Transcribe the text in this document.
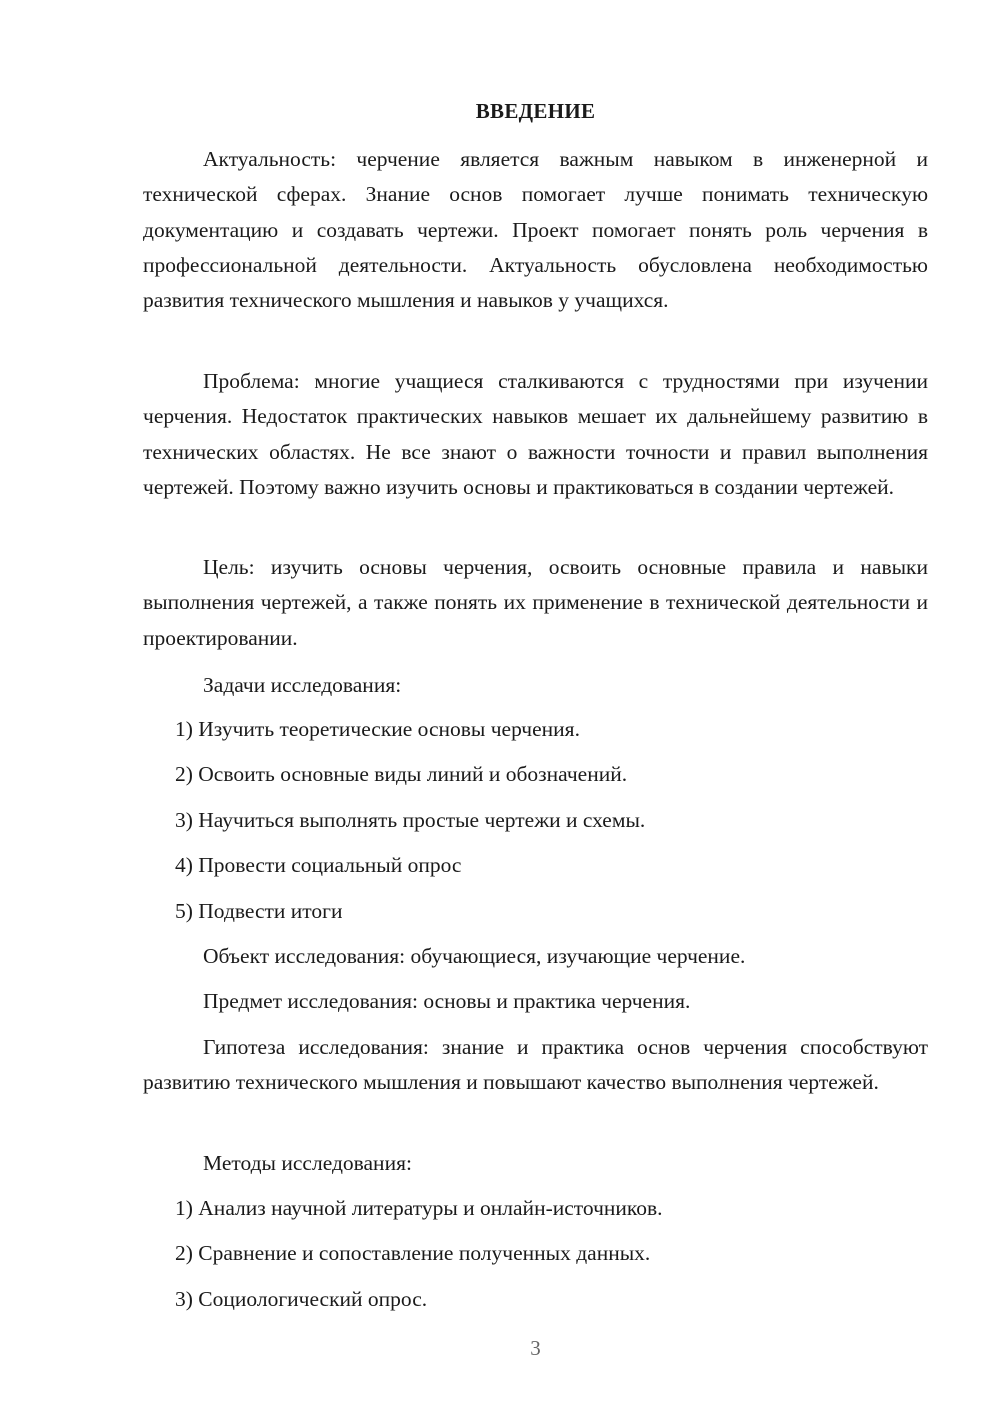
ВВЕДЕНИЕ

Актуальность: черчение является важным навыком в инженерной и технической сферах. Знание основ помогает лучше понимать техническую документацию и создавать чертежи. Проект помогает понять роль черчения в профессиональной деятельности. Актуальность обусловлена необходимостью развития технического мышления и навыков у учащихся.

Проблема: многие учащиеся сталкиваются с трудностями при изучении черчения. Недостаток практических навыков мешает их дальнейшему развитию в технических областях. Не все знают о важности точности и правил выполнения чертежей. Поэтому важно изучить основы и практиковаться в создании чертежей.

Цель: изучить основы черчения, освоить основные правила и навыки выполнения чертежей, а также понять их применение в технической деятельности и проектировании.

Задачи исследования:

1) Изучить теоретические основы черчения.

2) Освоить основные виды линий и обозначений.

3) Научиться выполнять простые чертежи и схемы.

4) Провести социальный опрос

5) Подвести итоги

Объект исследования: обучающиеся, изучающие черчение.

Предмет исследования: основы и практика черчения.

Гипотеза исследования: знание и практика основ черчения способствуют развитию технического мышления и повышают качество выполнения чертежей.

Методы исследования:

1) Анализ научной литературы и онлайн-источников.

2) Сравнение и сопоставление полученных данных.

3) Социологический опрос.

3
